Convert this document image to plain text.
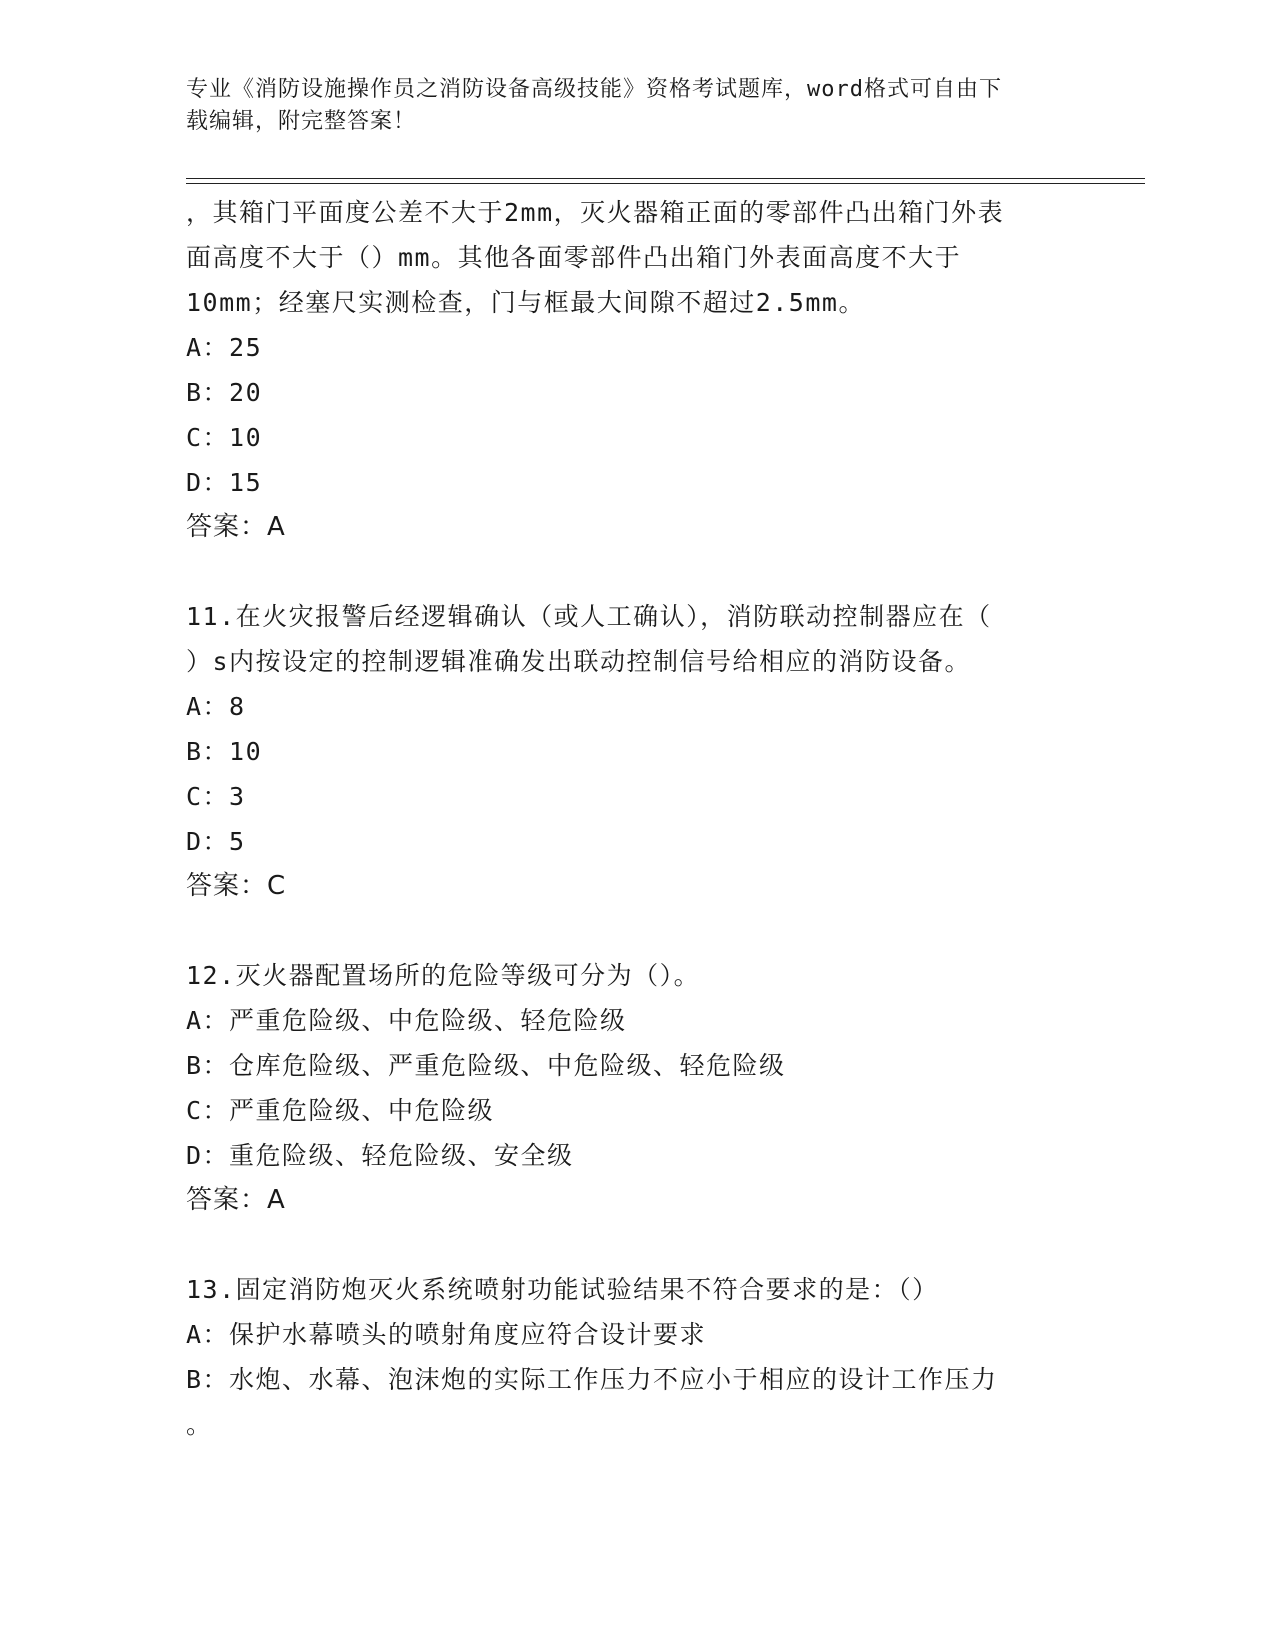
专业《消防设施操作员之消防设备高级技能》资格考试题库，word格式可自由下
载编辑，附完整答案！
，其箱门平面度公差不大于2mm，灭火器箱正面的零部件凸出箱门外表
面高度不大于（）mm。其他各面零部件凸出箱门外表面高度不大于
10mm；经塞尺实测检查，门与框最大间隙不超过2.5mm。
A：25
B：20
C：10
D：15
答案：A
11.在火灾报警后经逻辑确认（或人工确认），消防联动控制器应在（
）s内按设定的控制逻辑准确发出联动控制信号给相应的消防设备。
A：8
B：10
C：3
D：5
答案：C
12.灭火器配置场所的危险等级可分为（）。
A：严重危险级、中危险级、轻危险级
B：仓库危险级、严重危险级、中危险级、轻危险级
C：严重危险级、中危险级
D：重危险级、轻危险级、安全级
答案：A
13.固定消防炮灭火系统喷射功能试验结果不符合要求的是：（）
A：保护水幕喷头的喷射角度应符合设计要求
B：水炮、水幕、泡沫炮的实际工作压力不应小于相应的设计工作压力
。
